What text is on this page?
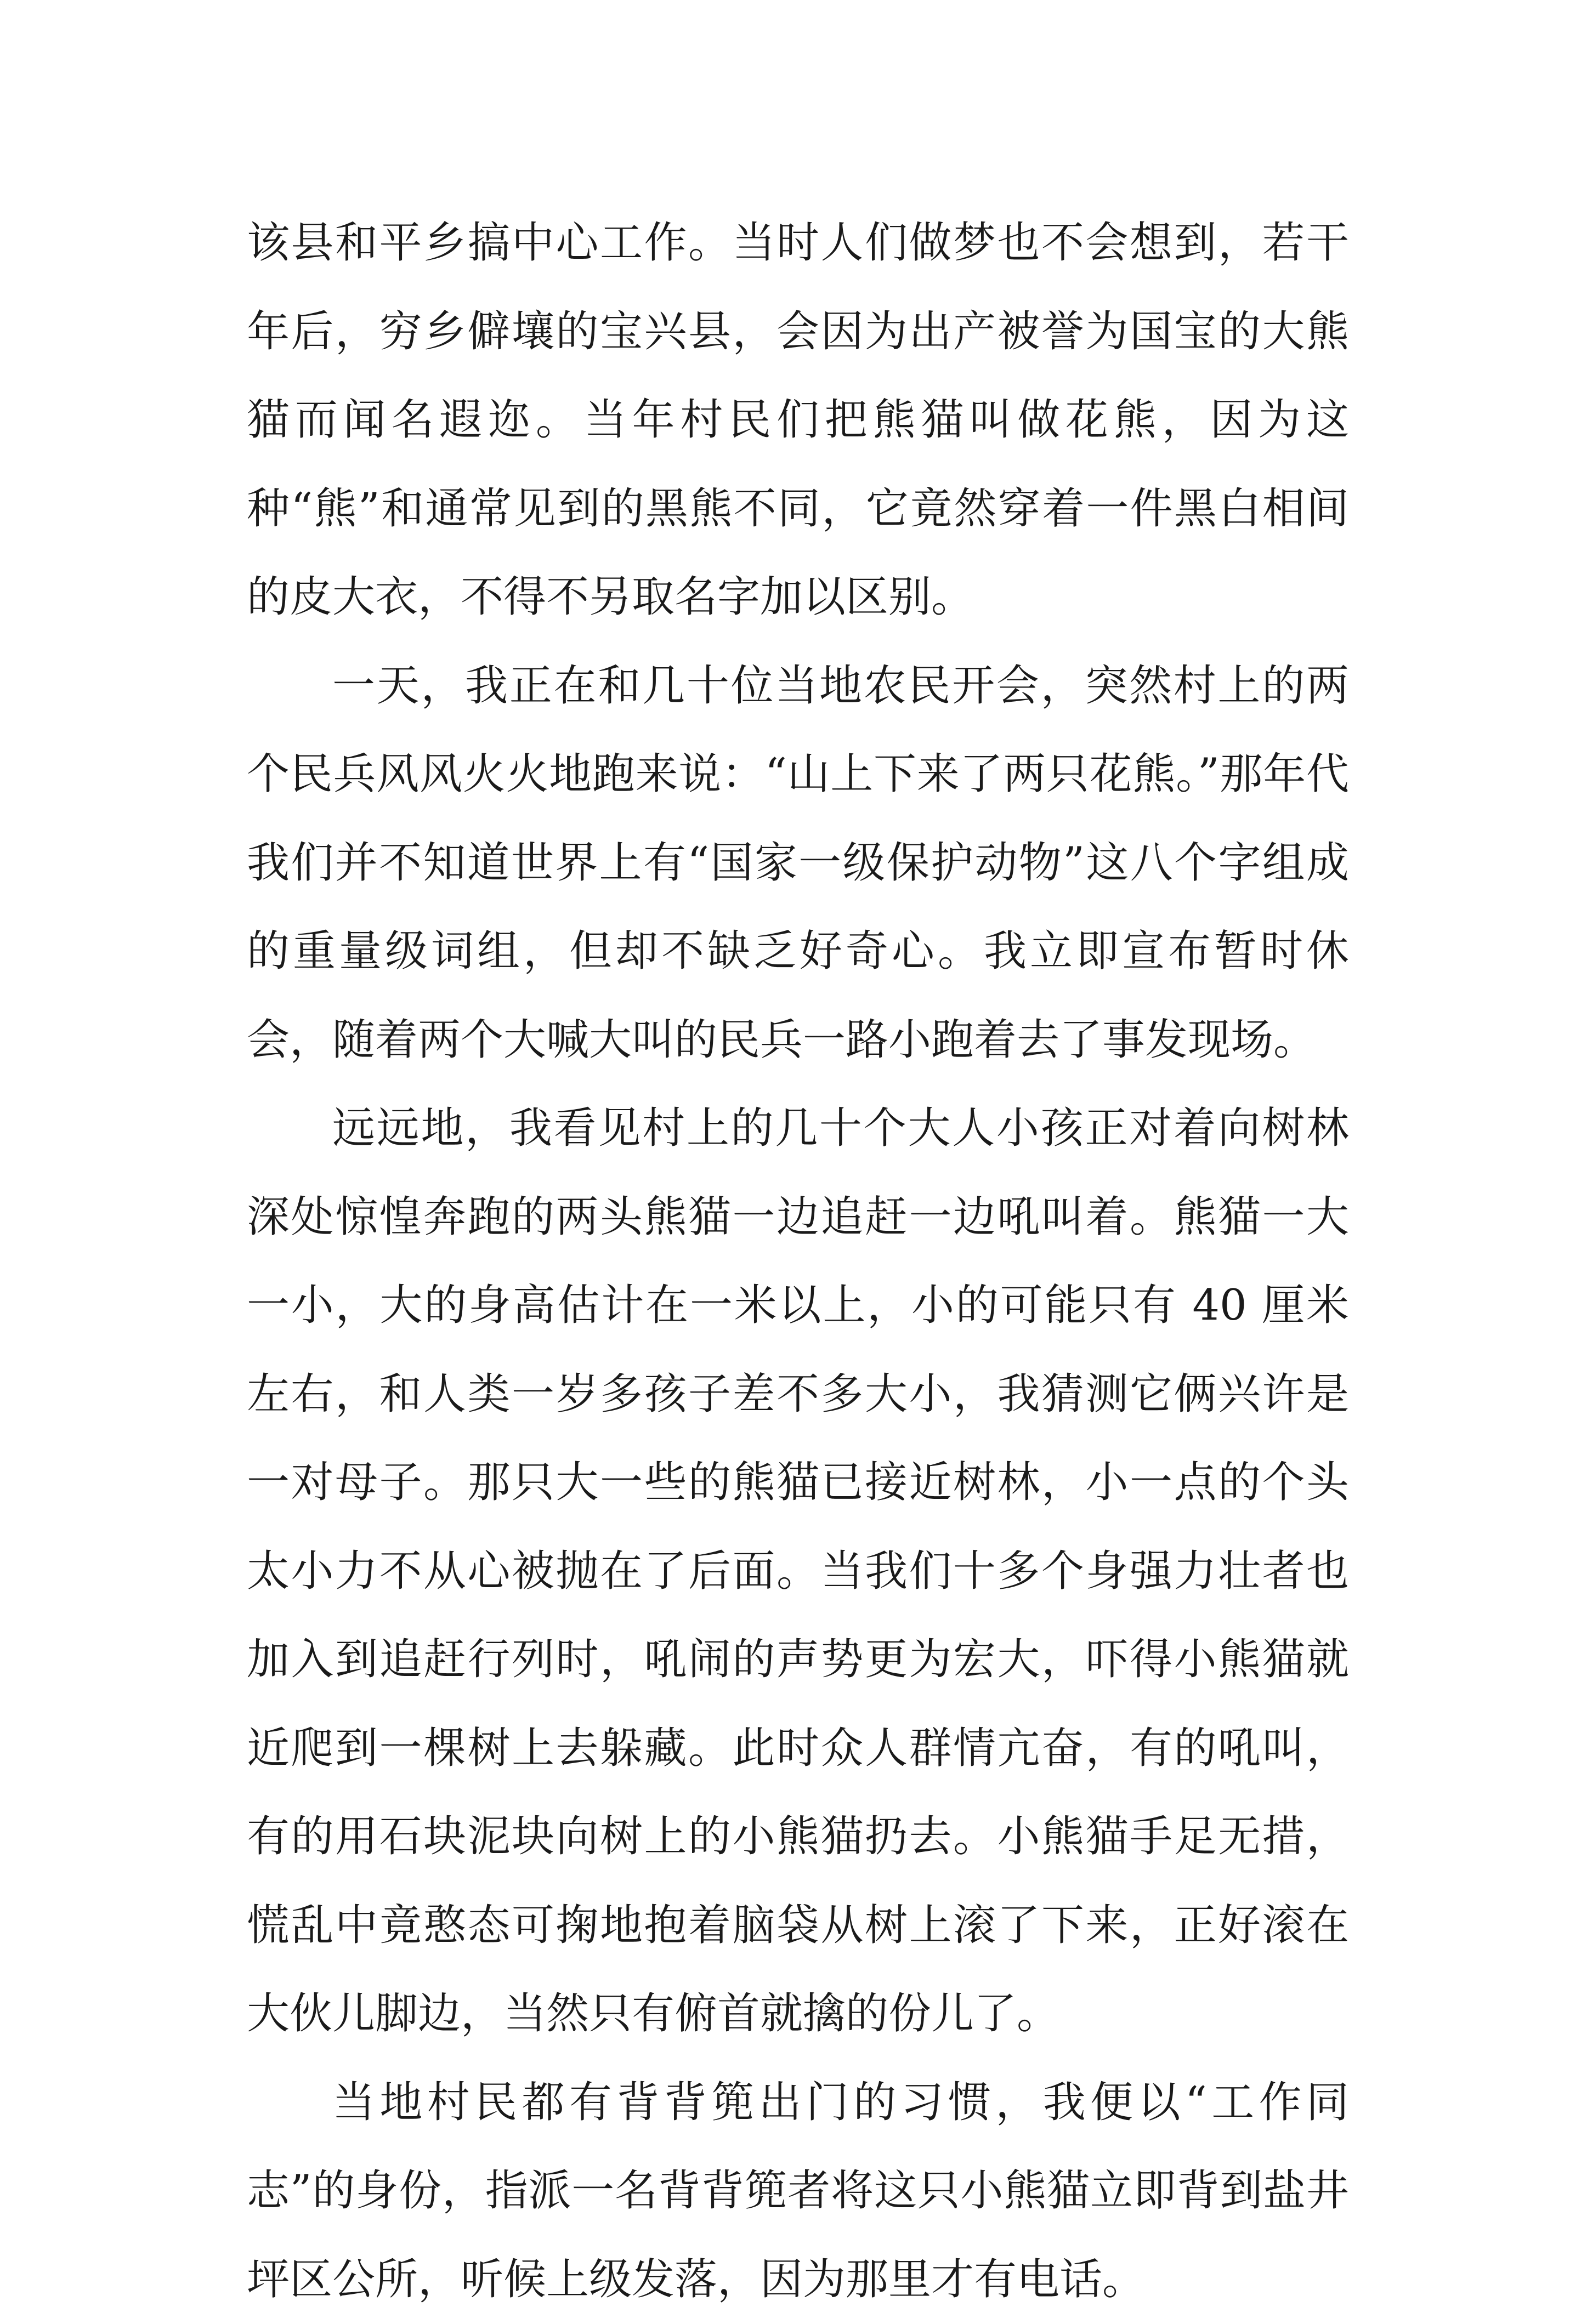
该县和平乡搞中心工作。当时人们做梦也不会想到，若干年后，穷乡僻壤的宝兴县，会因为出产被誉为国宝的大熊猫而闻名遐迩。当年村民们把熊猫叫做花熊，因为这种“熊”和通常见到的黑熊不同，它竟然穿着一件黑白相间的皮大衣，不得不另取名字加以区别。

一天，我正在和几十位当地农民开会，突然村上的两个民兵风风火火地跑来说：“山上下来了两只花熊。”那年代我们并不知道世界上有“国家一级保护动物”这八个字组成的重量级词组，但却不缺乏好奇心。我立即宣布暂时休会，随着两个大喊大叫的民兵一路小跑着去了事发现场。

远远地，我看见村上的几十个大人小孩正对着向树林深处惊惶奔跑的两头熊猫一边追赶一边吼叫着。熊猫一大一小，大的身高估计在一米以上，小的可能只有 40 厘米左右，和人类一岁多孩子差不多大小，我猜测它俩兴许是一对母子。那只大一些的熊猫已接近树林，小一点的个头太小力不从心被抛在了后面。当我们十多个身强力壮者也加入到追赶行列时，吼闹的声势更为宏大，吓得小熊猫就近爬到一棵树上去躲藏。此时众人群情亢奋，有的吼叫，有的用石块泥块向树上的小熊猫扔去。小熊猫手足无措，慌乱中竟憨态可掬地抱着脑袋从树上滚了下来，正好滚在大伙儿脚边，当然只有俯首就擒的份儿了。

当地村民都有背背篼出门的习惯，我便以“工作同志”的身份，指派一名背背篼者将这只小熊猫立即背到盐井坪区公所，听候上级发落，因为那里才有电话。
